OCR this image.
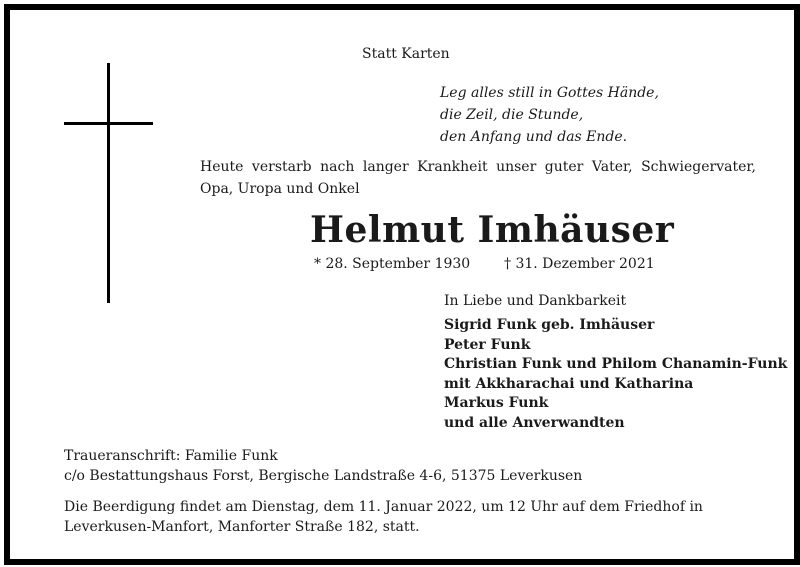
Statt Karten
Leg alles still in Gottes Hände,
die Zeil, die Stunde,
den Anfang und das Ende.
Heute verstarb nach langer Krankheit unser guter Vater, Schwiegervater, Opa, Uropa und Onkel
Helmut Imhäuser
* 28. September 1930 † 31. Dezember 2021
In Liebe und Dankbarkeit
Sigrid Funk geb. Imhäuser
Peter Funk
Christian Funk und Philom Chanamin-Funk
mit Akkharachai und Katharina
Markus Funk
und alle Anverwandten
Traueranschrift: Familie Funk
c/o Bestattungshaus Forst, Bergische Landstraße 4-6, 51375 Leverkusen
Die Beerdigung findet am Dienstag, dem 11. Januar 2022, um 12 Uhr auf dem Friedhof in Leverkusen-Manfort, Manforter Straße 182, statt.
